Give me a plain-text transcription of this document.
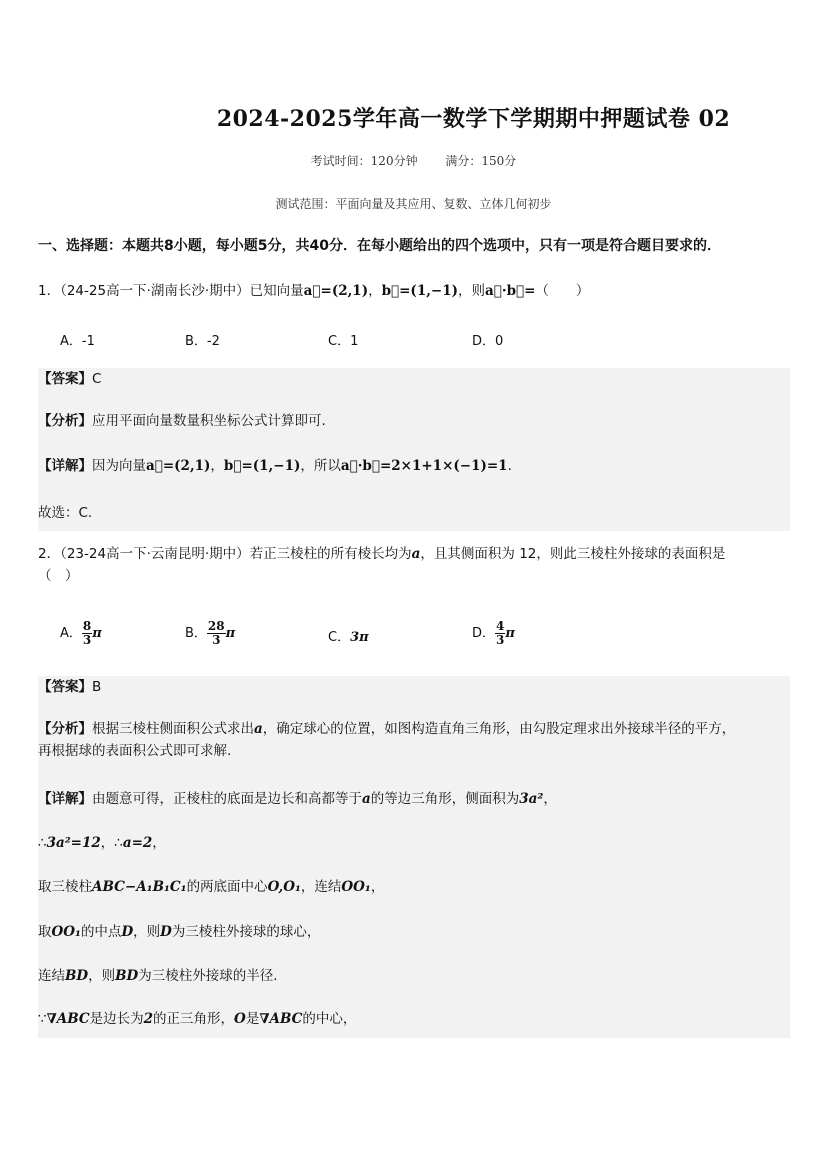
2024-2025学年高一数学下学期期中押题试卷 02
考试时间：120分钟 满分：150分
测试范围：平面向量及其应用、复数、立体几何初步
一、选择题：本题共8小题，每小题5分，共40分．在每小题给出的四个选项中，只有一项是符合题目要求的．
1．（24-25高一下·湖南长沙·期中）已知向量a⃗=(2,1)，b⃗=(1,−1)，则a⃗·b⃗=（　　）
A．-1	B．-2	C．1	D．0
【答案】C
【分析】应用平面向量数量积坐标公式计算即可.
【详解】因为向量a⃗=(2,1)，b⃗=(1,−1)，所以a⃗·b⃗=2×1+1×(−1)=1.
故选：C.
2．（23-24高一下·云南昆明·期中）若正三棱柱的所有棱长均为a，且其侧面积为 12，则此三棱柱外接球的表面积是
（　）
A． $\frac{8}{3}$ π	B． $\frac{28}{3}$ π	C．3π	D． $\frac{4}{3}$ π
【答案】B
【分析】根据三棱柱侧面积公式求出a，确定球心的位置，如图构造直角三角形，由勾股定理求出外接球半径的平方，
再根据球的表面积公式即可求解.
【详解】由题意可得，正棱柱的底面是边长和高都等于a的等边三角形，侧面积为3a²，
∴3a²=12，∴a=2，
取三棱柱ABC−A₁B₁C₁的两底面中心O,O₁，连结OO₁，
取OO₁的中点D，则D为三棱柱外接球的球心，
连结BD，则BD为三棱柱外接球的半径．
∵∇ABC是边长为2的正三角形，O是∇ABC的中心，
